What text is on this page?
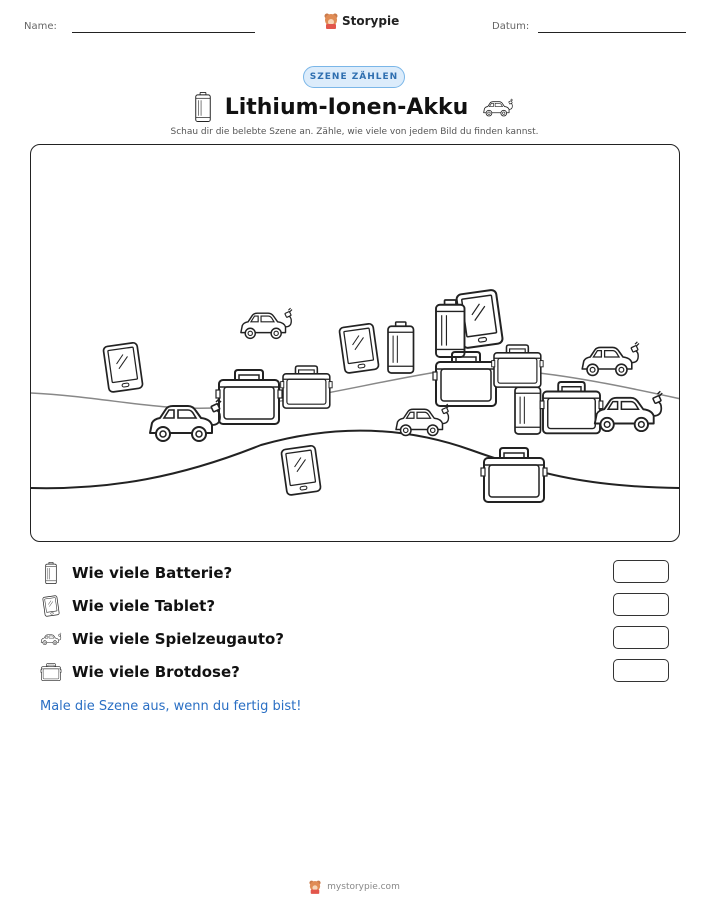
Name:	Storypie	Datum:
SZENE ZÄHLEN
Lithium-Ionen-Akku
Schau dir die belebte Szene an. Zähle, wie viele von jedem Bild du finden kannst.
Wie viele Batterie?
Wie viele Tablet?
Wie viele Spielzeugauto?
Wie viele Brotdose?
Male die Szene aus, wenn du fertig bist!
mystorypie.com
